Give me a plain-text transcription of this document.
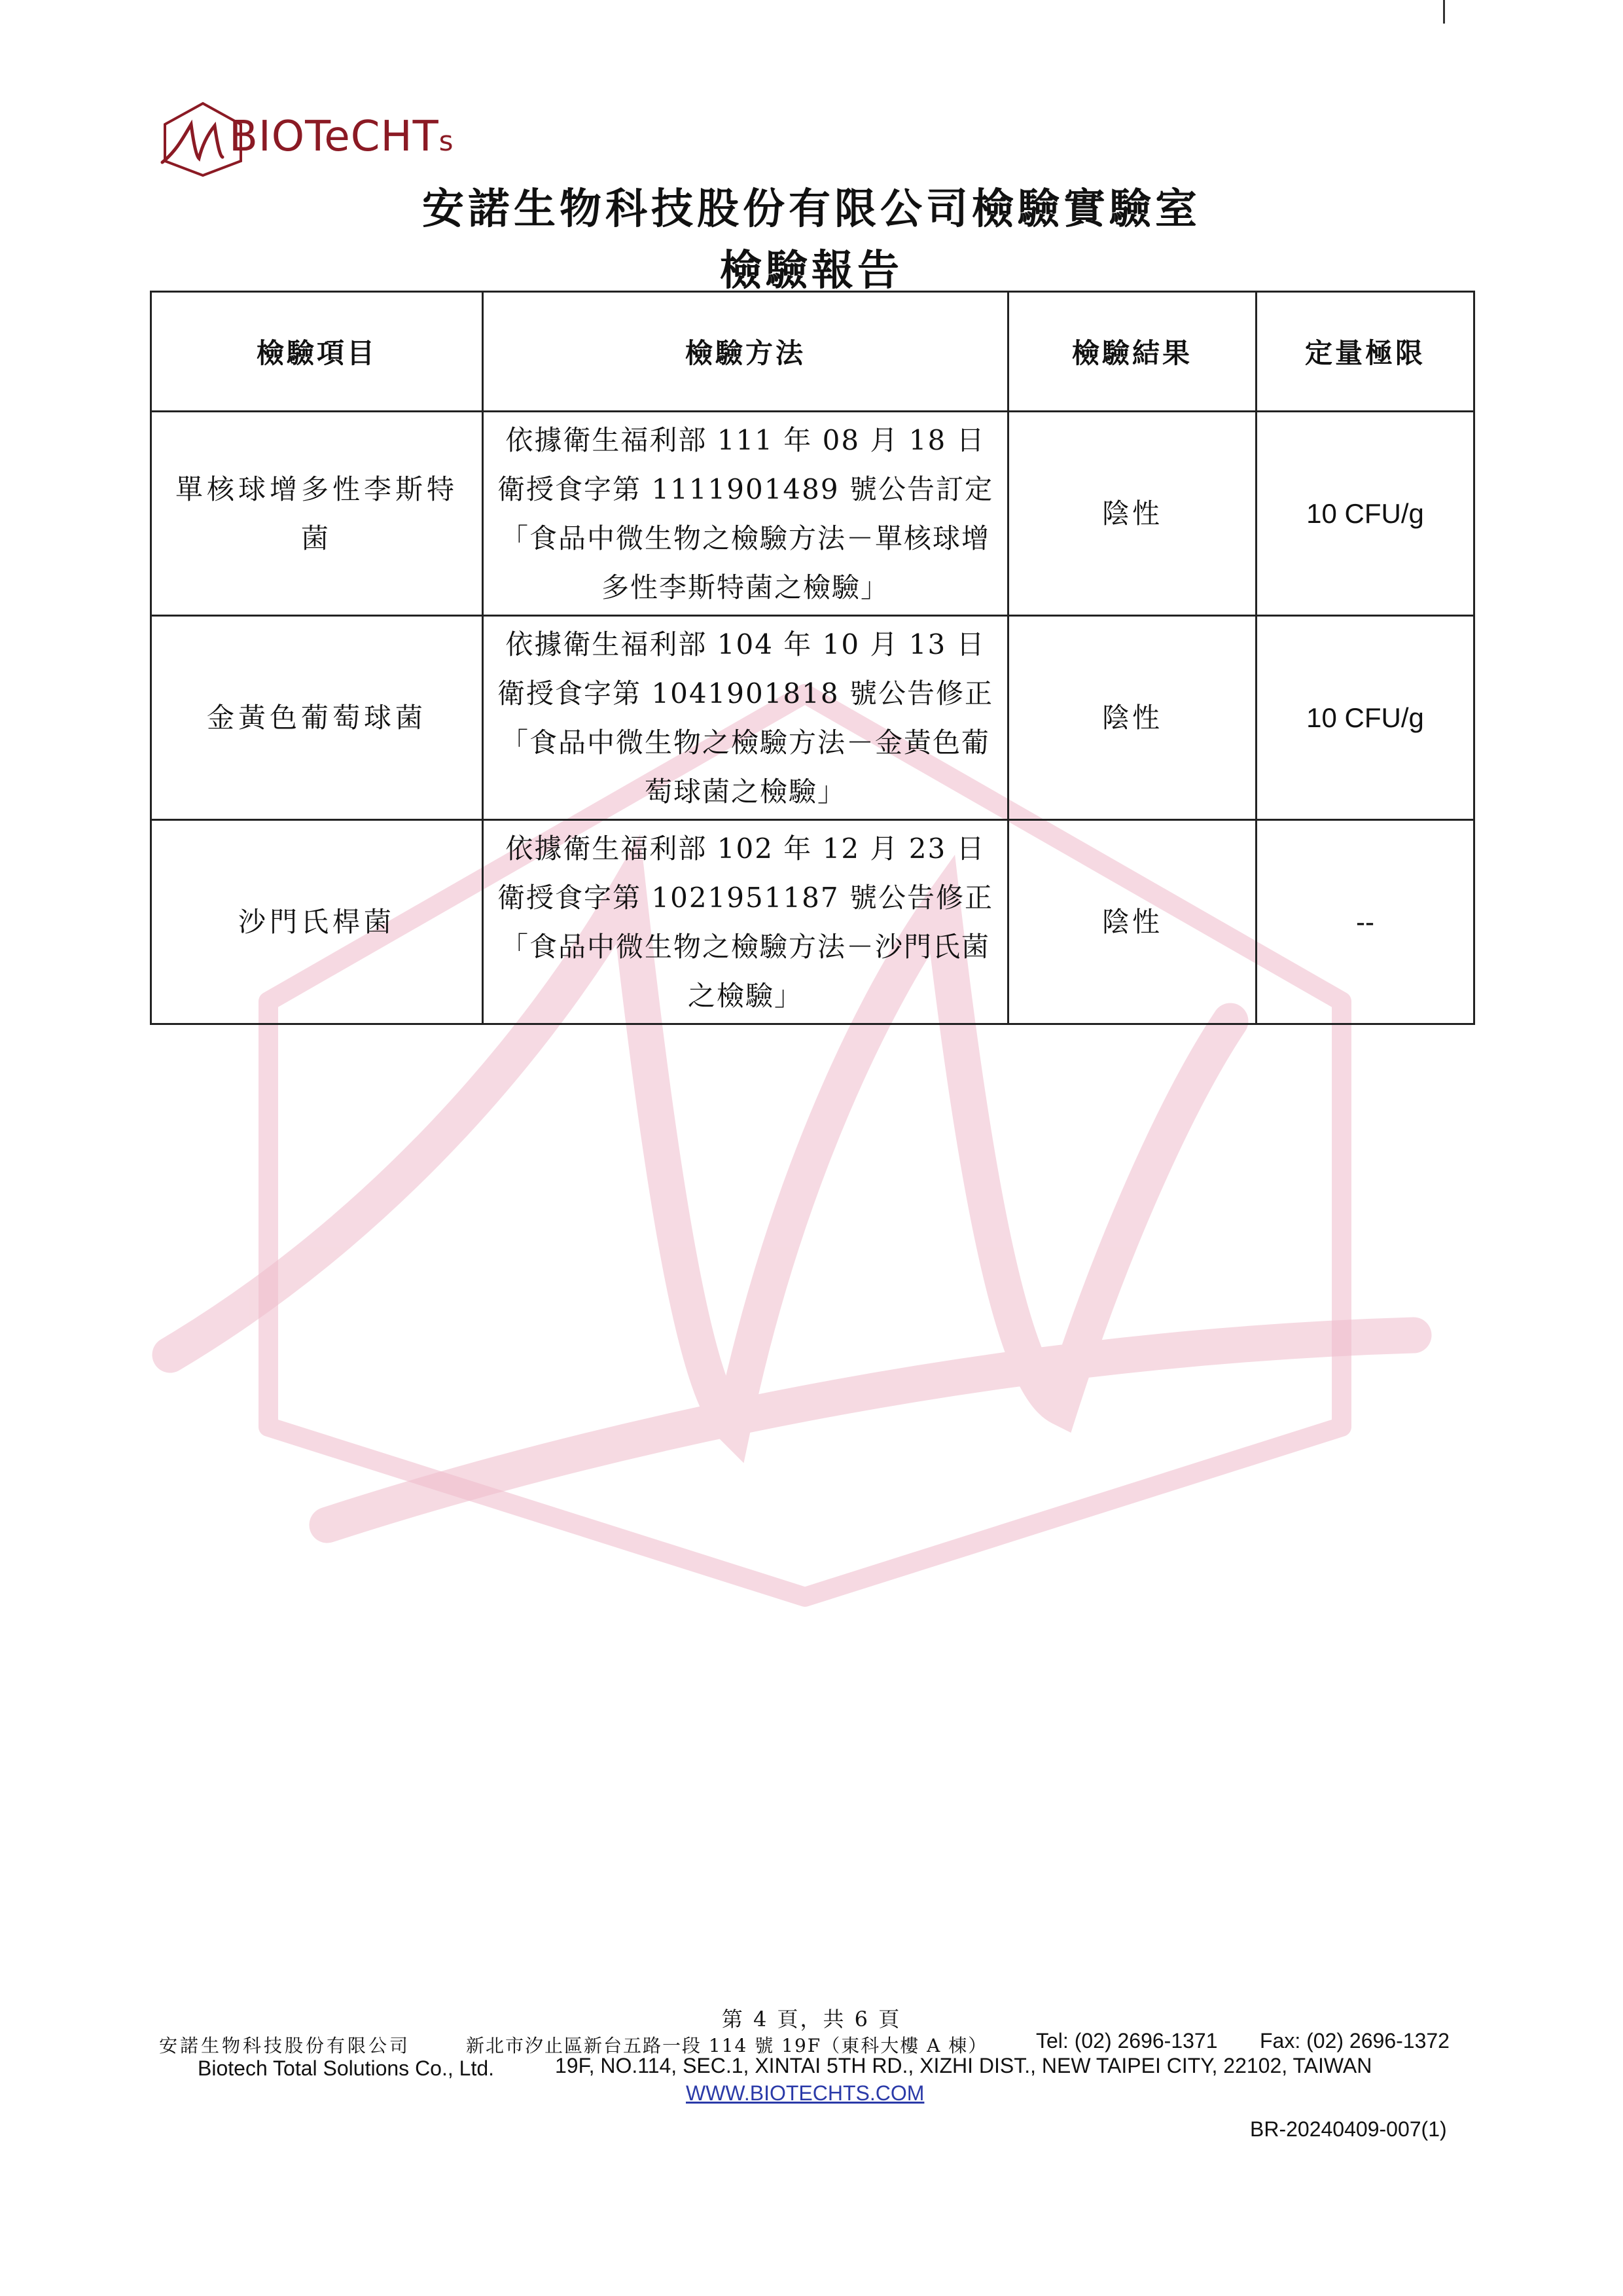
BIOTeCHTs
安諾生物科技股份有限公司檢驗實驗室
檢驗報告
檢驗項目	檢驗方法	檢驗結果	定量極限
單核球增多性李斯特菌	依據衛生福利部 111 年 08 月 18 日衛授食字第 1111901489 號公告訂定「食品中微生物之檢驗方法－單核球增多性李斯特菌之檢驗」	陰性	10 CFU/g
金黃色葡萄球菌	依據衛生福利部 104 年 10 月 13 日衛授食字第 1041901818 號公告修正「食品中微生物之檢驗方法－金黃色葡萄球菌之檢驗」	陰性	10 CFU/g
沙門氏桿菌	依據衛生福利部 102 年 12 月 23 日衛授食字第 1021951187 號公告修正「食品中微生物之檢驗方法－沙門氏菌之檢驗」	陰性	--
第 4 頁，共 6 頁
安諾生物科技股份有限公司	新北市汐止區新台五路一段 114 號 19F（東科大樓 A 棟） Tel: (02) 2696-1371 Fax: (02) 2696-1372
Biotech Total Solutions Co., Ltd.	19F, NO.114, SEC.1, XINTAI 5TH RD., XIZHI DIST., NEW TAIPEI CITY, 22102, TAIWAN
WWW.BIOTECHTS.COM
BR-20240409-007(1)
